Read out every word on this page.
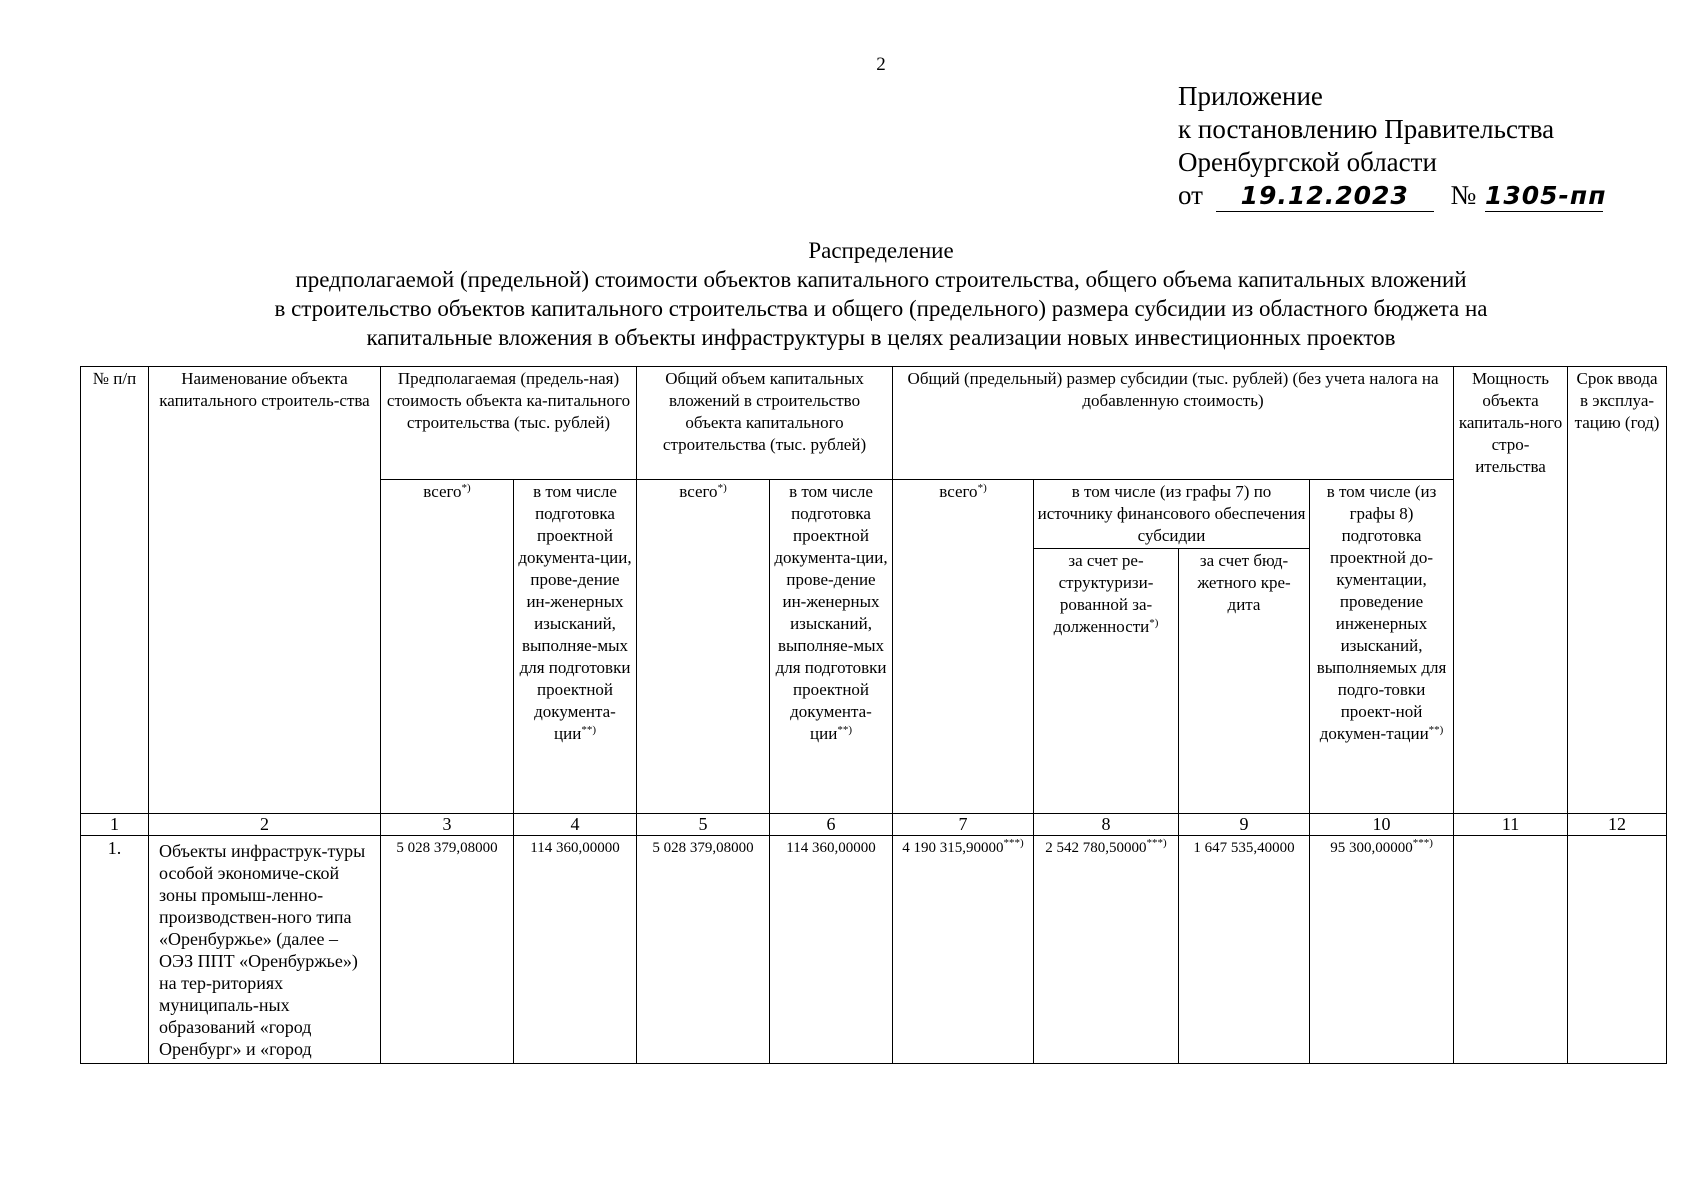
2
Приложение
к постановлению Правительства
Оренбургской области
от 19.12.2023 № 1305-пп
Распределение
предполагаемой (предельной) стоимости объектов капитального строительства, общего объема капитальных вложений
в строительство объектов капитального строительства и общего (предельного) размера субсидии из областного бюджета на
капитальные вложения в объекты инфраструктуры в целях реализации новых инвестиционных проектов
№ п/п	Наименование объекта капитального строитель-ства	Предполагаемая (предель-ная) стоимость объекта ка-питального строительства (тыс. рублей)		Общий объем капитальных вложений в строительство объекта капитального строительства (тыс. рублей)		Общий (предельный) размер субсидии (тыс. рублей) (без учета налога на добавленную стоимость)				Мощность объекта капиталь-ного стро-ительства	Срок ввода в эксплуа-тацию (год)
		всего*)	в том числе подготовка проектной документа-ции, прове-дение ин-женерных изысканий, выполняе-мых для подготовки проектной документа-ции**)	всего*)	в том числе подготовка проектной документа-ции, прове-дение ин-женерных изысканий, выполняе-мых для подготовки проектной документа-ции**)	всего*)	в том числе (из графы 7) по источнику финансового обеспечения субсидии		в том числе (из графы 8) подготовка проектной до-кументации, проведение инженерных изысканий, выполняемых для подго-товки проект-ной докумен-тации**)
							за счет ре-структуризи-рованной за-долженности*)	за счет бюд-жетного кре-дита			
1	2	3	4	5	6	7	8	9	10	11	12
1.	Объекты инфраструк-туры особой экономиче-ской зоны промыш-ленно-производствен-ного типа «Оренбуржье» (далее – ОЭЗ ППТ «Оренбуржье») на тер-риториях муниципаль-ных образований «город Оренбург» и «город	5 028 379,08000	114 360,00000	5 028 379,08000	114 360,00000	4 190 315,90000***)	2 542 780,50000***)	1 647 535,40000	95 300,00000***)		
